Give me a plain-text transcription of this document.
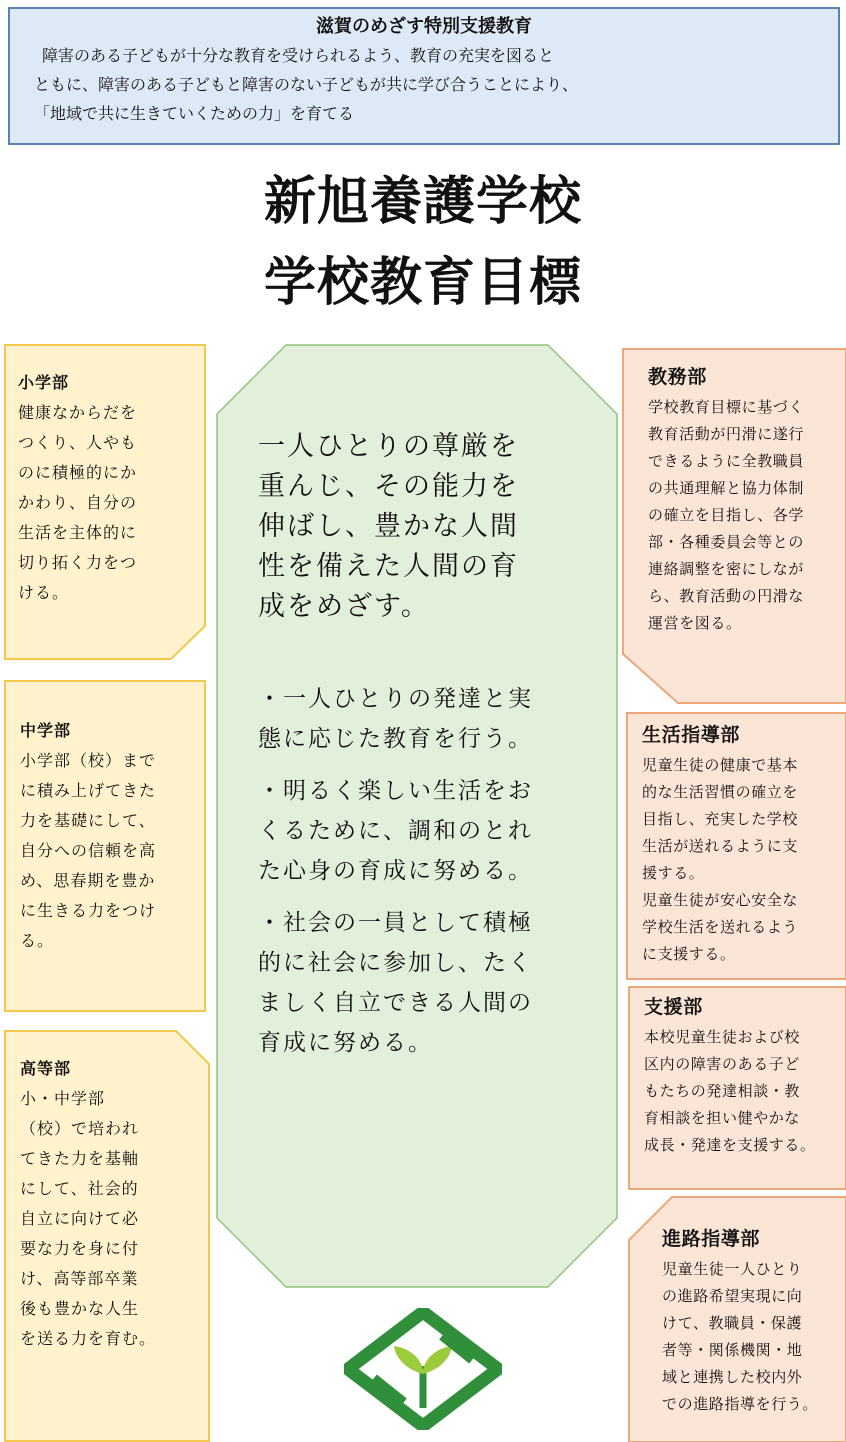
滋賀のめざす特別支援教育

障害のある子どもが十分な教育を受けられるよう、教育の充実を図ると

ともに、障害のある子どもと障害のない子どもが共に学び合うことにより、

「地域で共に生きていくための力」を育てる

新旭養護学校
学校教育目標

一人ひとりの尊厳を

重んじ、その能力を

伸ばし、豊かな人間

性を備えた人間の育

成をめざす。

・一人ひとりの発達と実

態に応じた教育を行う。

・明るく楽しい生活をお

くるために、調和のとれ

た心身の育成に努める。

・社会の一員として積極

的に社会に参加し、たく

ましく自立できる人間の

育成に努める。

小学部

健康なからだを

つくり、人やも

のに積極的にか

かわり、自分の

生活を主体的に

切り拓く力をつ

ける。

中学部

小学部（校）まで

に積み上げてきた

力を基礎にして、

自分への信頼を高

め、思春期を豊か

に生きる力をつけ

る。

高等部

小・中学部

（校）で培われ

てきた力を基軸

にして、社会的

自立に向けて必

要な力を身に付

け、高等部卒業

後も豊かな人生

を送る力を育む。

教務部

学校教育目標に基づく

教育活動が円滑に遂行

できるように全教職員

の共通理解と協力体制

の確立を目指し、各学

部・各種委員会等との

連絡調整を密にしなが

ら、教育活動の円滑な

運営を図る。

生活指導部

児童生徒の健康で基本

的な生活習慣の確立を

目指し、充実した学校

生活が送れるように支

援する。

児童生徒が安心安全な

学校生活を送れるよう

に支援する。

支援部

本校児童生徒および校

区内の障害のある子ど

もたちの発達相談・教

育相談を担い健やかな

成長・発達を支援する。

進路指導部

児童生徒一人ひとり

の進路希望実現に向

けて、教職員・保護

者等・関係機関・地

域と連携した校内外

での進路指導を行う。
